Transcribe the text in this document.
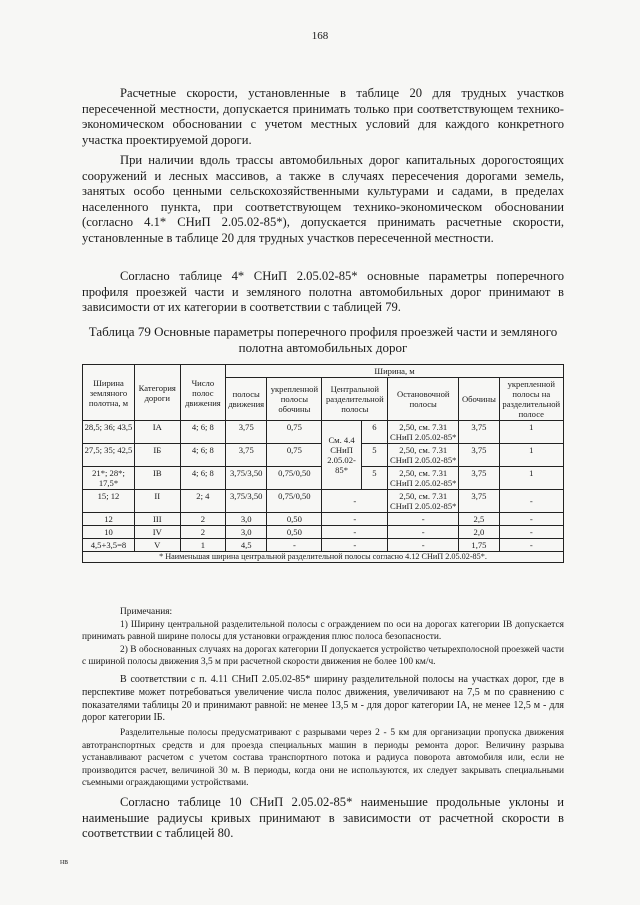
168

Расчетные скорости, установленные в таблице 20 для трудных участков пересеченной местности, допускается принимать только при соответствующем технико-экономическом обосновании с учетом местных условий для каждого конкретного участка проектируемой дороги.

При наличии вдоль трассы автомобильных дорог капитальных дорогостоящих сооружений и лесных массивов, а также в случаях пересечения дорогами земель, занятых особо ценными сельскохозяйственными культурами и садами, в пределах населенного пункта, при соответствующем технико-экономическом обосновании (согласно 4.1* СНиП 2.05.02-85*), допускается принимать расчетные скорости, установленные в таблице 20 для трудных участков пересеченной местности.

Согласно таблице 4* СНиП 2.05.02-85* основные параметры поперечного профиля проезжей части и земляного полотна автомобильных дорог принимают в зависимости от их категории в соответствии с таблицей 79.

Таблица 79 Основные параметры поперечного профиля проезжей части и земляного полотна автомобильных дорог
Ширина земляного полотна, м	Категория дороги	Число полос движения	Ширина, м						
			полосы движения	укрепленной полосы обочины	Центральной разделительной полосы		Остановочной полосы	Обочины	укрепленной полосы на разделительной полосе
28,5; 36; 43,5	IA	4; 6; 8	3,75	0,75	См. 4.4 СНиП 2.05.02-85*	6	2,50, см. 7.31 СНиП 2.05.02-85*	3,75	1
27,5; 35; 42,5	IБ	4; 6; 8	3,75	0,75		5	2,50, см. 7.31 СНиП 2.05.02-85*	3,75	1
21*; 28*; 17,5*	IB	4; 6; 8	3,75/3,50	0,75/0,50		5	2,50, см. 7.31 СНиП 2.05.02-85*	3,75	1
15; 12	II	2; 4	3,75/3,50	0,75/0,50	-		2,50, см. 7.31 СНиП 2.05.02-85*	3,75	-
12	III	2	3,0	0,50	-		-	2,5	-
10	IV	2	3,0	0,50	-		-	2,0	-
4,5+3,5=8	V	1	4,5	-	-		-	1,75	-
* Наименьшая ширина центральной разделительной полосы согласно 4.12 СНиП 2.05.02-85*.									

Примечания:

1) Ширину центральной разделительной полосы с ограждением по оси на дорогах категории IB допускается принимать равной ширине полосы для установки ограждения плюс полоса безопасности.

2) В обоснованных случаях на дорогах категории II допускается устройство четырехполосной проезжей части с шириной полосы движения 3,5 м при расчетной скорости движения не более 100 км/ч.

В соответствии с п. 4.11 СНиП 2.05.02-85* ширину разделительной полосы на участках дорог, где в перспективе может потребоваться увеличение числа полос движения, увеличивают на 7,5 м по сравнению с показателями таблицы 20 и принимают равной: не менее 13,5 м - для дорог категории IA, не менее 12,5 м - для дорог категории IБ.

Разделительные полосы предусматривают с разрывами через 2 - 5 км для организации пропуска движения автотранспортных средств и для проезда специальных машин в периоды ремонта дорог. Величину разрыва устанавливают расчетом с учетом состава транспортного потока и радиуса поворота автомобиля или, если не производится расчет, величиной 30 м. В периоды, когда они не используются, их следует закрывать специальными съемными ограждающими устройствами.

Согласно таблице 10 СНиП 2.05.02-85* наименьшие продольные уклоны и наименьшие радиусы кривых принимают в зависимости от расчетной скорости в соответствии с таблицей 80.

нв
